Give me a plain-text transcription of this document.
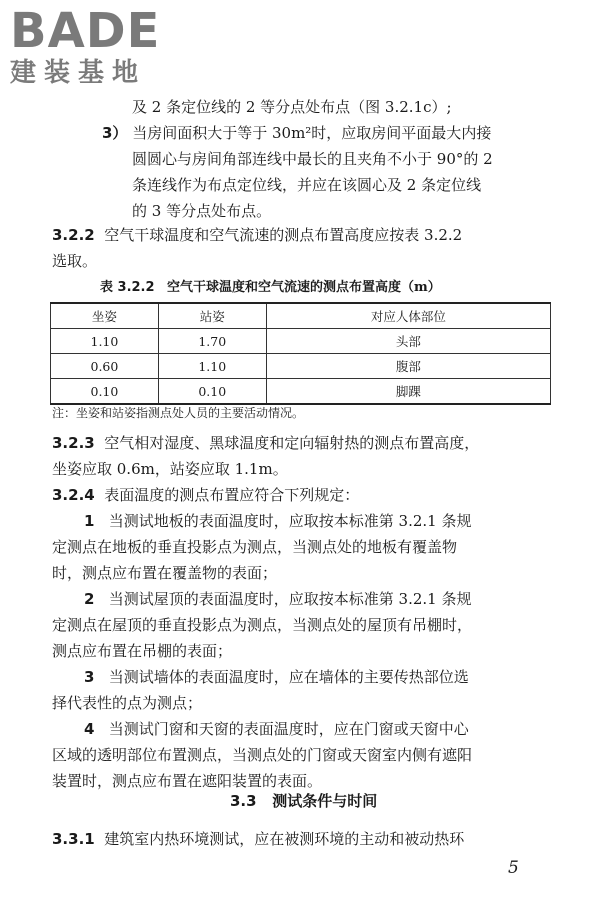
BADE
建装基地
及 2 条定位线的 2 等分点处布点（图 3.2.1c）;
3） 当房间面积大于等于 30m²时，应取房间平面最大内接
圆圆心与房间角部连线中最长的且夹角不小于 90°的 2
条连线作为布点定位线，并应在该圆心及 2 条定位线
的 3 等分点处布点。
3.2.2 空气干球温度和空气流速的测点布置高度应按表 3.2.2
选取。
表 3.2.2 空气干球温度和空气流速的测点布置高度（m）
坐姿	站姿	对应人体部位
1.10	1.70	头部
0.60	1.10	腹部
0.10	0.10	脚踝
注：坐姿和站姿指测点处人员的主要活动情况。
3.2.3 空气相对湿度、黑球温度和定向辐射热的测点布置高度，
坐姿应取 0.6m，站姿应取 1.1m。
3.2.4 表面温度的测点布置应符合下列规定：
1 当测试地板的表面温度时，应取按本标准第 3.2.1 条规
定测点在地板的垂直投影点为测点，当测点处的地板有覆盖物
时，测点应布置在覆盖物的表面；
2 当测试屋顶的表面温度时，应取按本标准第 3.2.1 条规
定测点在屋顶的垂直投影点为测点，当测点处的屋顶有吊棚时，
测点应布置在吊棚的表面；
3 当测试墙体的表面温度时，应在墙体的主要传热部位选
择代表性的点为测点；
4 当测试门窗和天窗的表面温度时，应在门窗或天窗中心
区域的透明部位布置测点，当测点处的门窗或天窗室内侧有遮阳
装置时，测点应布置在遮阳装置的表面。
3.3 测试条件与时间
3.3.1 建筑室内热环境测试，应在被测环境的主动和被动热环
5
